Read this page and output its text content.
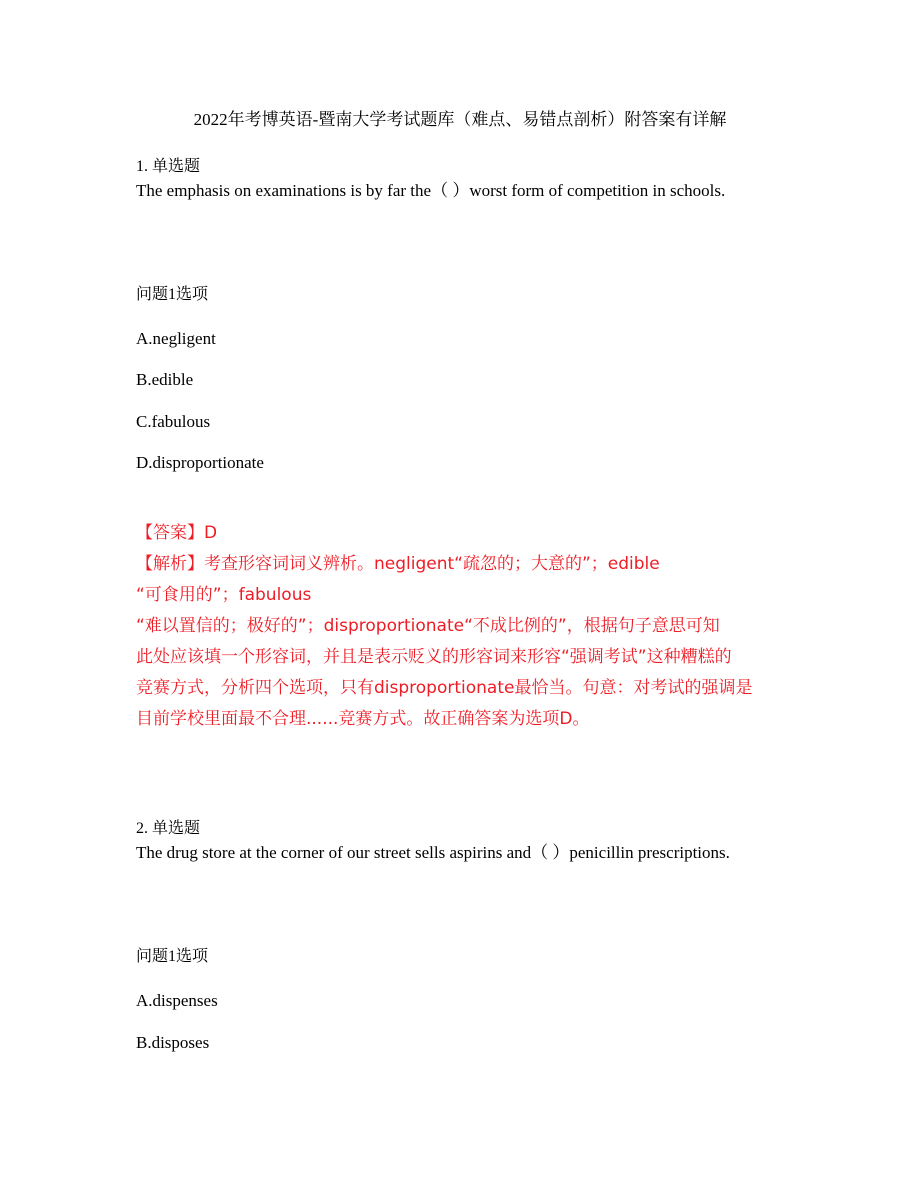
2022年考博英语-暨南大学考试题库（难点、易错点剖析）附答案有详解
1. 单选题
The emphasis on examinations is by far the（ ）worst form of competition in schools.
问题1选项
A.negligent
B.edible
C.fabulous
D.disproportionate

【答案】D

【解析】考查形容词词义辨析。negligent“疏忽的；大意的”；edible

“可食用的”；fabulous

“难以置信的；极好的”；disproportionate“不成比例的”，根据句子意思可知

此处应该填一个形容词，并且是表示贬义的形容词来形容“强调考试”这种糟糕的

竞赛方式，分析四个选项，只有disproportionate最恰当。句意：对考试的强调是

目前学校里面最不合理......竞赛方式。故正确答案为选项D。

2. 单选题
The drug store at the corner of our street sells aspirins and（ ）penicillin prescriptions.
问题1选项
A.dispenses
B.disposes
